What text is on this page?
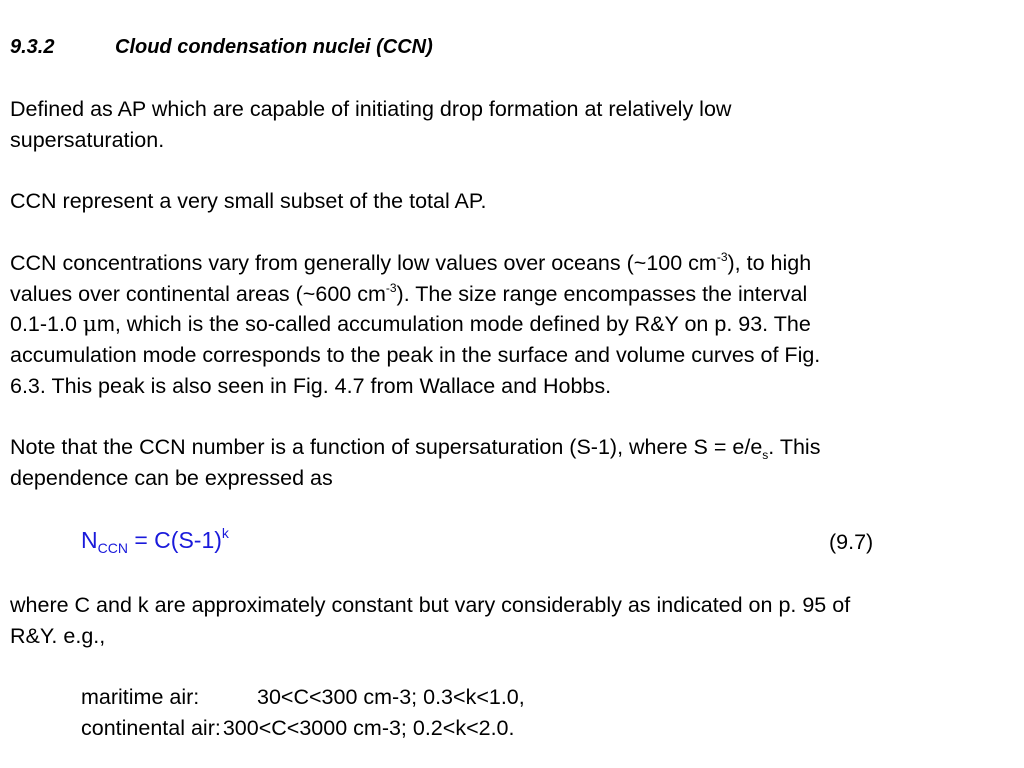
9.3.2	Cloud condensation nuclei (CCN)
Defined as AP which are capable of initiating drop formation at relatively low
supersaturation.
CCN represent a very small subset of the total AP.
CCN concentrations vary from generally low values over oceans (~100 $cm^{-3}$), to high
values over continental areas (~600 $cm^{-3}$). The size range encompasses the interval
0.1-1.0 μm, which is the so-called accumulation mode defined by R&Y on p. 93. The
accumulation mode corresponds to the peak in the surface and volume curves of Fig.
6.3. This peak is also seen in Fig. 4.7 from Wallace and Hobbs.
Note that the CCN number is a function of supersaturation (S-1), where $S = e/e_s$. This
dependence can be expressed as
$N_{CCN} = C(S-1)^k$	(9.7)
where C and k are approximately constant but vary considerably as indicated on p. 95 of
R&Y. e.g.,
maritime air:	30<C<300 cm-3; 0.3<k<1.0,
continental air:300<C<3000 cm-3; 0.2<k<2.0.
